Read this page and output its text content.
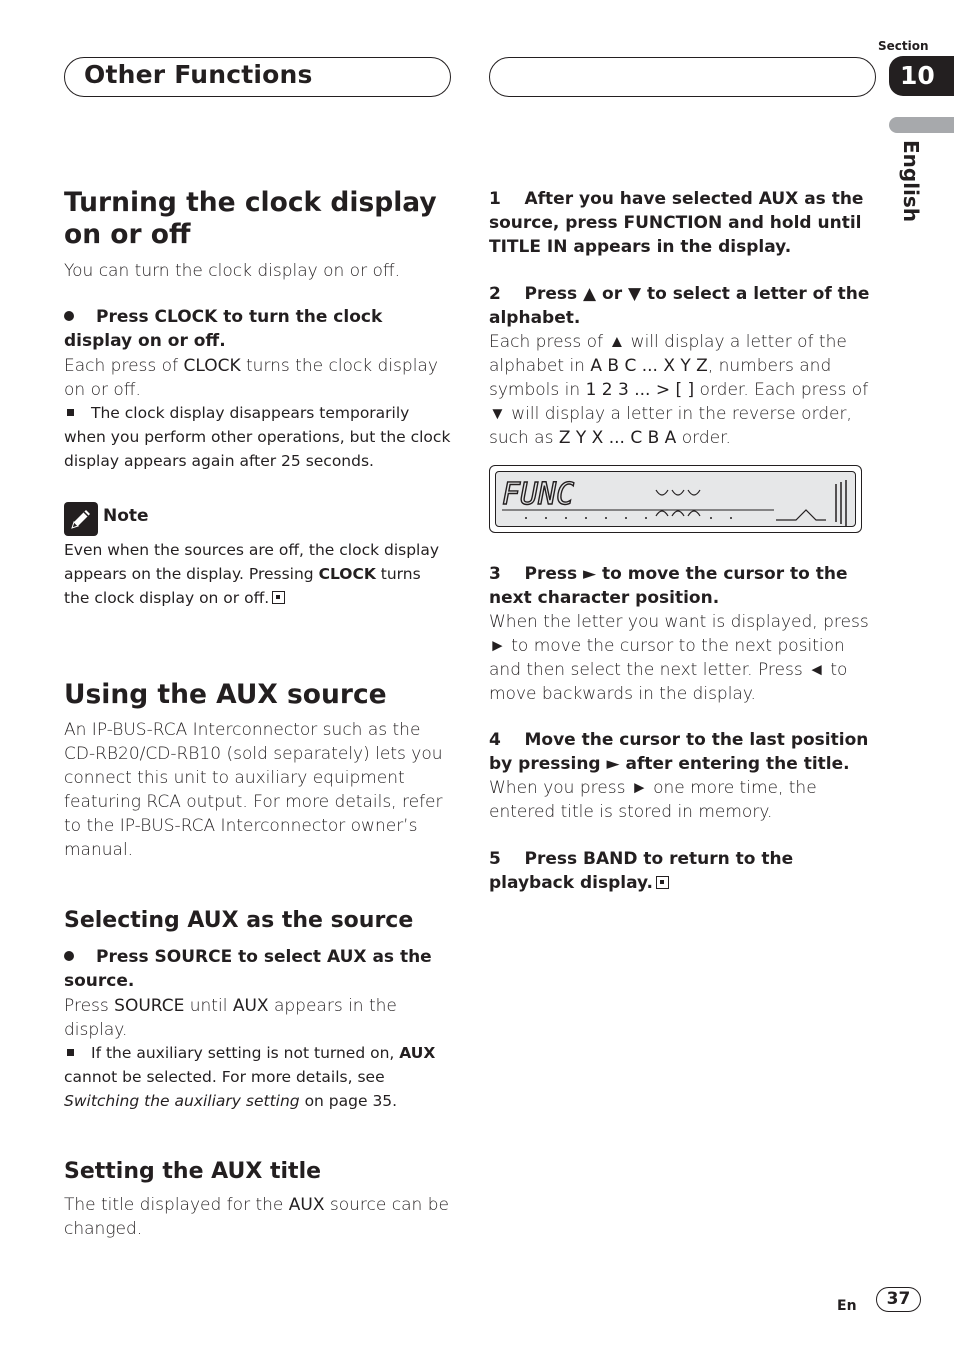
Other Functions
Section
10
English
Turning the clock display on or off
You can turn the clock display on or off.
Press CLOCK to turn the clock display on or off.
Each press of CLOCK turns the clock display on or off.
The clock display disappears temporarily when you perform other operations, but the clock display appears again after 25 seconds.
Note
Even when the sources are off, the clock display appears on the display. Pressing CLOCK turns the clock display on or off.
Using the AUX source
An IP-BUS-RCA Interconnector such as the CD-RB20/CD-RB10 (sold separately) lets you connect this unit to auxiliary equipment featuring RCA output. For more details, refer to the IP-BUS-RCA Interconnector owner’s manual.
Selecting AUX as the source
Press SOURCE to select AUX as the source.
Press SOURCE until AUX appears in the display.
If the auxiliary setting is not turned on, AUX cannot be selected. For more details, see Switching the auxiliary setting on page 35.
Setting the AUX title
The title displayed for the AUX source can be changed.
1    After you have selected AUX as the source, press FUNCTION and hold until TITLE IN appears in the display.
2    Press ▲ or ▼ to select a letter of the alphabet.
Each press of ▲ will display a letter of the alphabet in A B C ... X Y Z, numbers and symbols in 1 2 3 ... > [ ] order. Each press of ▼ will display a letter in the reverse order, such as Z Y X ... C B A order.
FUNC
3    Press ► to move the cursor to the next character position.
When the letter you want is displayed, press ► to move the cursor to the next position and then select the next letter. Press ◄ to move backwards in the display.
4    Move the cursor to the last position by pressing ► after entering the title.
When you press ► one more time, the entered title is stored in memory.
5    Press BAND to return to the playback display.
En	37
